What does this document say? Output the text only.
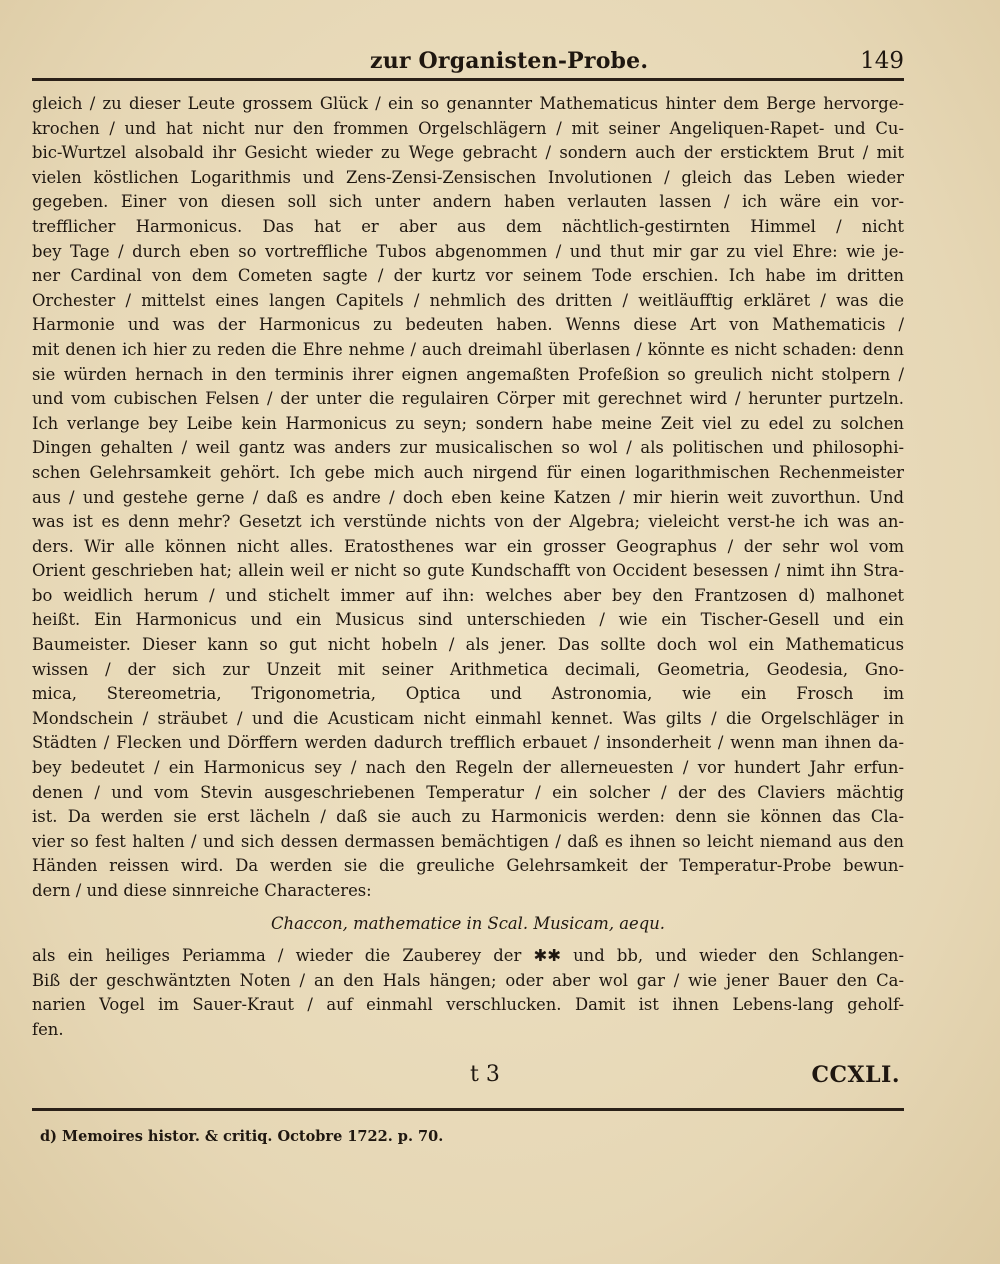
zur Organisten-Probe.	149
gleich / zu dieser Leute grossem Glück / ein so genannter Mathematicus hinter dem Berge hervorge-
krochen / und hat nicht nur den frommen Orgelschlägern / mit seiner Angeliquen-Rapet- und Cu-
bic-Wurtzel alsobald ihr Gesicht wieder zu Wege gebracht / sondern auch der ersticktem Brut / mit
vielen köstlichen Logarithmis und Zens-Zensi-Zensischen Involutionen / gleich das Leben wieder
gegeben. Einer von diesen soll sich unter andern haben verlauten lassen / ich wäre ein vor-
trefflicher Harmonicus. Das hat er aber aus dem nächtlich-gestirnten Himmel / nicht
bey Tage / durch eben so vortreffliche Tubos abgenommen / und thut mir gar zu viel Ehre: wie je-
ner Cardinal von dem Cometen sagte / der kurtz vor seinem Tode erschien. Ich habe im dritten
Orchester / mittelst eines langen Capitels / nehmlich des dritten / weitläufftig erkläret / was die
Harmonie und was der Harmonicus zu bedeuten haben. Wenns diese Art von Mathematicis /
mit denen ich hier zu reden die Ehre nehme / auch dreimahl überlasen / könnte es nicht schaden: denn
sie würden hernach in den terminis ihrer eignen angemaßten Profeßion so greulich nicht stolpern /
und vom cubischen Felsen / der unter die regulairen Cörper mit gerechnet wird / herunter purtzeln.
Ich verlange bey Leibe kein Harmonicus zu seyn; sondern habe meine Zeit viel zu edel zu solchen
Dingen gehalten / weil gantz was anders zur musicalischen so wol / als politischen und philosophi-
schen Gelehrsamkeit gehört. Ich gebe mich auch nirgend für einen logarithmischen Rechenmeister
aus / und gestehe gerne / daß es andre / doch eben keine Katzen / mir hierin weit zuvorthun. Und
was ist es denn mehr? Gesetzt ich verstünde nichts von der Algebra; vieleicht verst-he ich was an-
ders. Wir alle können nicht alles. Eratosthenes war ein grosser Geographus / der sehr wol vom
Orient geschrieben hat; allein weil er nicht so gute Kundschafft von Occident besessen / nimt ihn Stra-
bo weidlich herum / und stichelt immer auf ihn: welches aber bey den Frantzosen d) malhonet
heißt. Ein Harmonicus und ein Musicus sind unterschieden / wie ein Tischer-Gesell und ein
Baumeister. Dieser kann so gut nicht hobeln / als jener. Das sollte doch wol ein Mathematicus
wissen / der sich zur Unzeit mit seiner Arithmetica decimali, Geometria, Geodesia, Gno-
mica, Stereometria, Trigonometria, Optica und Astronomia, wie ein Frosch im
Mondschein / sträubet / und die Acusticam nicht einmahl kennet. Was gilts / die Orgelschläger in
Städten / Flecken und Dörffern werden dadurch trefflich erbauet / insonderheit / wenn man ihnen da-
bey bedeutet / ein Harmonicus sey / nach den Regeln der allerneuesten / vor hundert Jahr erfun-
denen / und vom Stevin ausgeschriebenen Temperatur / ein solcher / der des Claviers mächtig
ist. Da werden sie erst lächeln / daß sie auch zu Harmonicis werden: denn sie können das Cla-
vier so fest halten / und sich dessen dermassen bemächtigen / daß es ihnen so leicht niemand aus den
Händen reissen wird. Da werden sie die greuliche Gelehrsamkeit der Temperatur-Probe bewun-
dern / und diese sinnreiche Characteres:
Chaccon, mathematice in Scal. Musicam, aequ.
als ein heiliges Periamma / wieder die Zauberey der ✱✱ und bb, und wieder den Schlangen-
Biß der geschwäntzten Noten / an den Hals hängen; oder aber wol gar / wie jener Bauer den Ca-
narien Vogel im Sauer-Kraut / auf einmahl verschlucken. Damit ist ihnen Lebens-lang geholf-
fen.
t 3	CCXLI.
d) Memoires histor. & critiq. Octobre 1722. p. 70.
